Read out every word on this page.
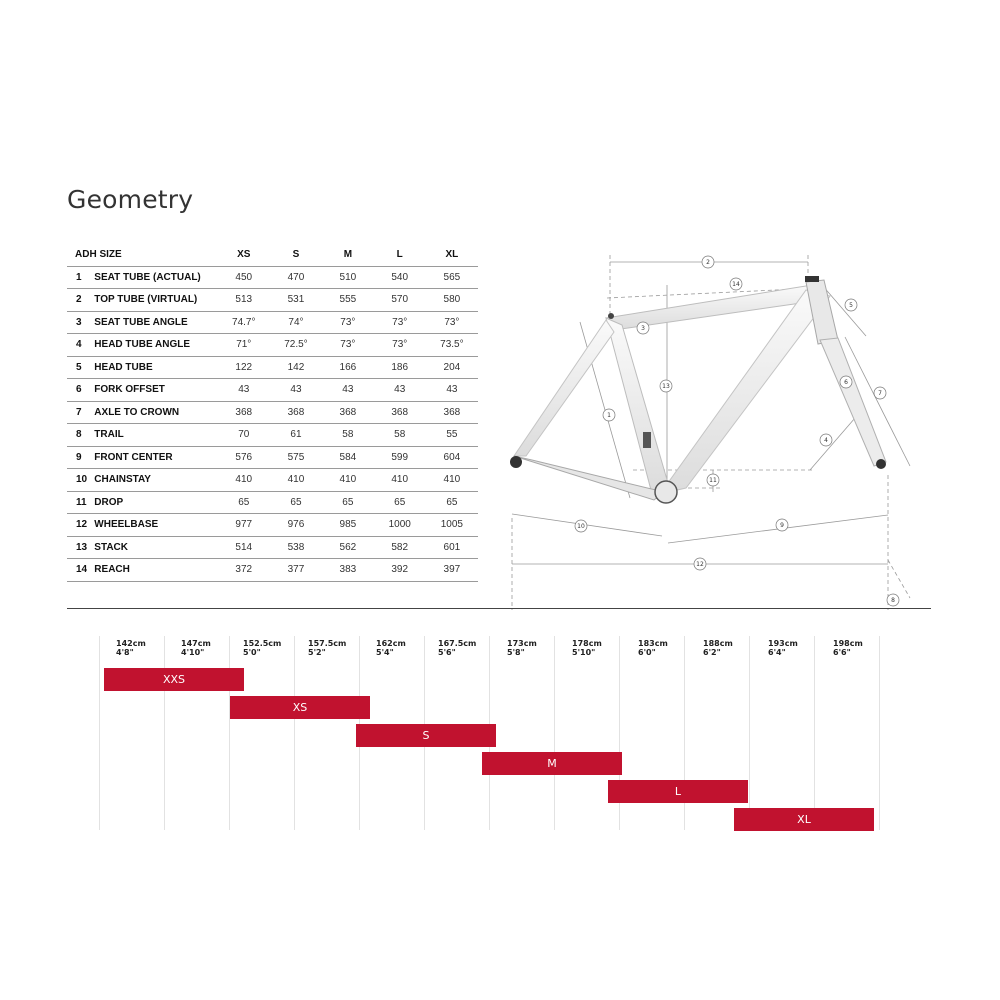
Geometry
ADH SIZE		XS	S	M	L	XL
1	SEAT TUBE (ACTUAL)	450	470	510	540	565
2	TOP TUBE (VIRTUAL)	513	531	555	570	580
3	SEAT TUBE ANGLE	74.7°	74°	73°	73°	73°
4	HEAD TUBE ANGLE	71°	72.5°	73°	73°	73.5°
5	HEAD TUBE	122	142	166	186	204
6	FORK OFFSET	43	43	43	43	43
7	AXLE TO CROWN	368	368	368	368	368
8	TRAIL	70	61	58	58	55
9	FRONT CENTER	576	575	584	599	604
10	CHAINSTAY	410	410	410	410	410
11	DROP	65	65	65	65	65
12	WHEELBASE	977	976	985	1000	1005
13	STACK	514	538	562	582	601
14	REACH	372	377	383	392	397
1
2
3
4
5
6
7
8
9
10
11
12
13
14
142cm
4'8"
147cm
4'10"
152.5cm
5'0"
157.5cm
5'2"
162cm
5'4"
167.5cm
5'6"
173cm
5'8"
178cm
5'10"
183cm
6'0"
188cm
6'2"
193cm
6'4"
198cm
6'6"
XXS
XS
S
M
L
XL
